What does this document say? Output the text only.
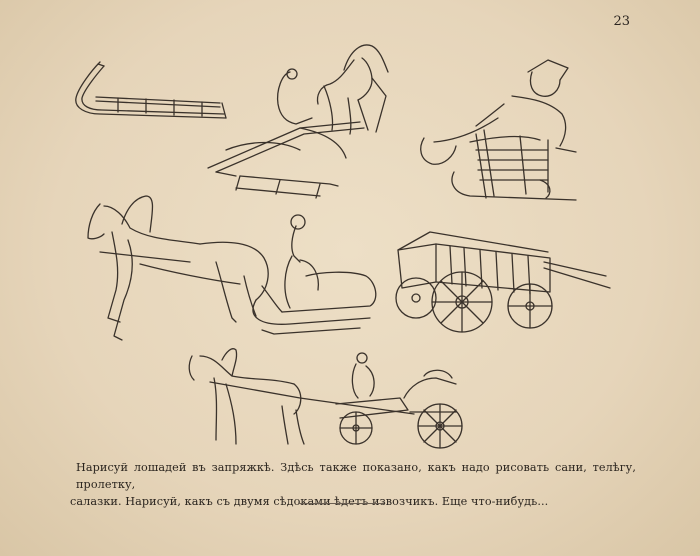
23
Нарисуй лошадей въ запряжкѣ. Здѣсь также показано, какъ надо рисовать сани, телѣгу, пролетку,
салазки. Нарисуй, какъ съ двумя сѣдоками ѣдетъ извозчикъ. Еще что-нибудь...
